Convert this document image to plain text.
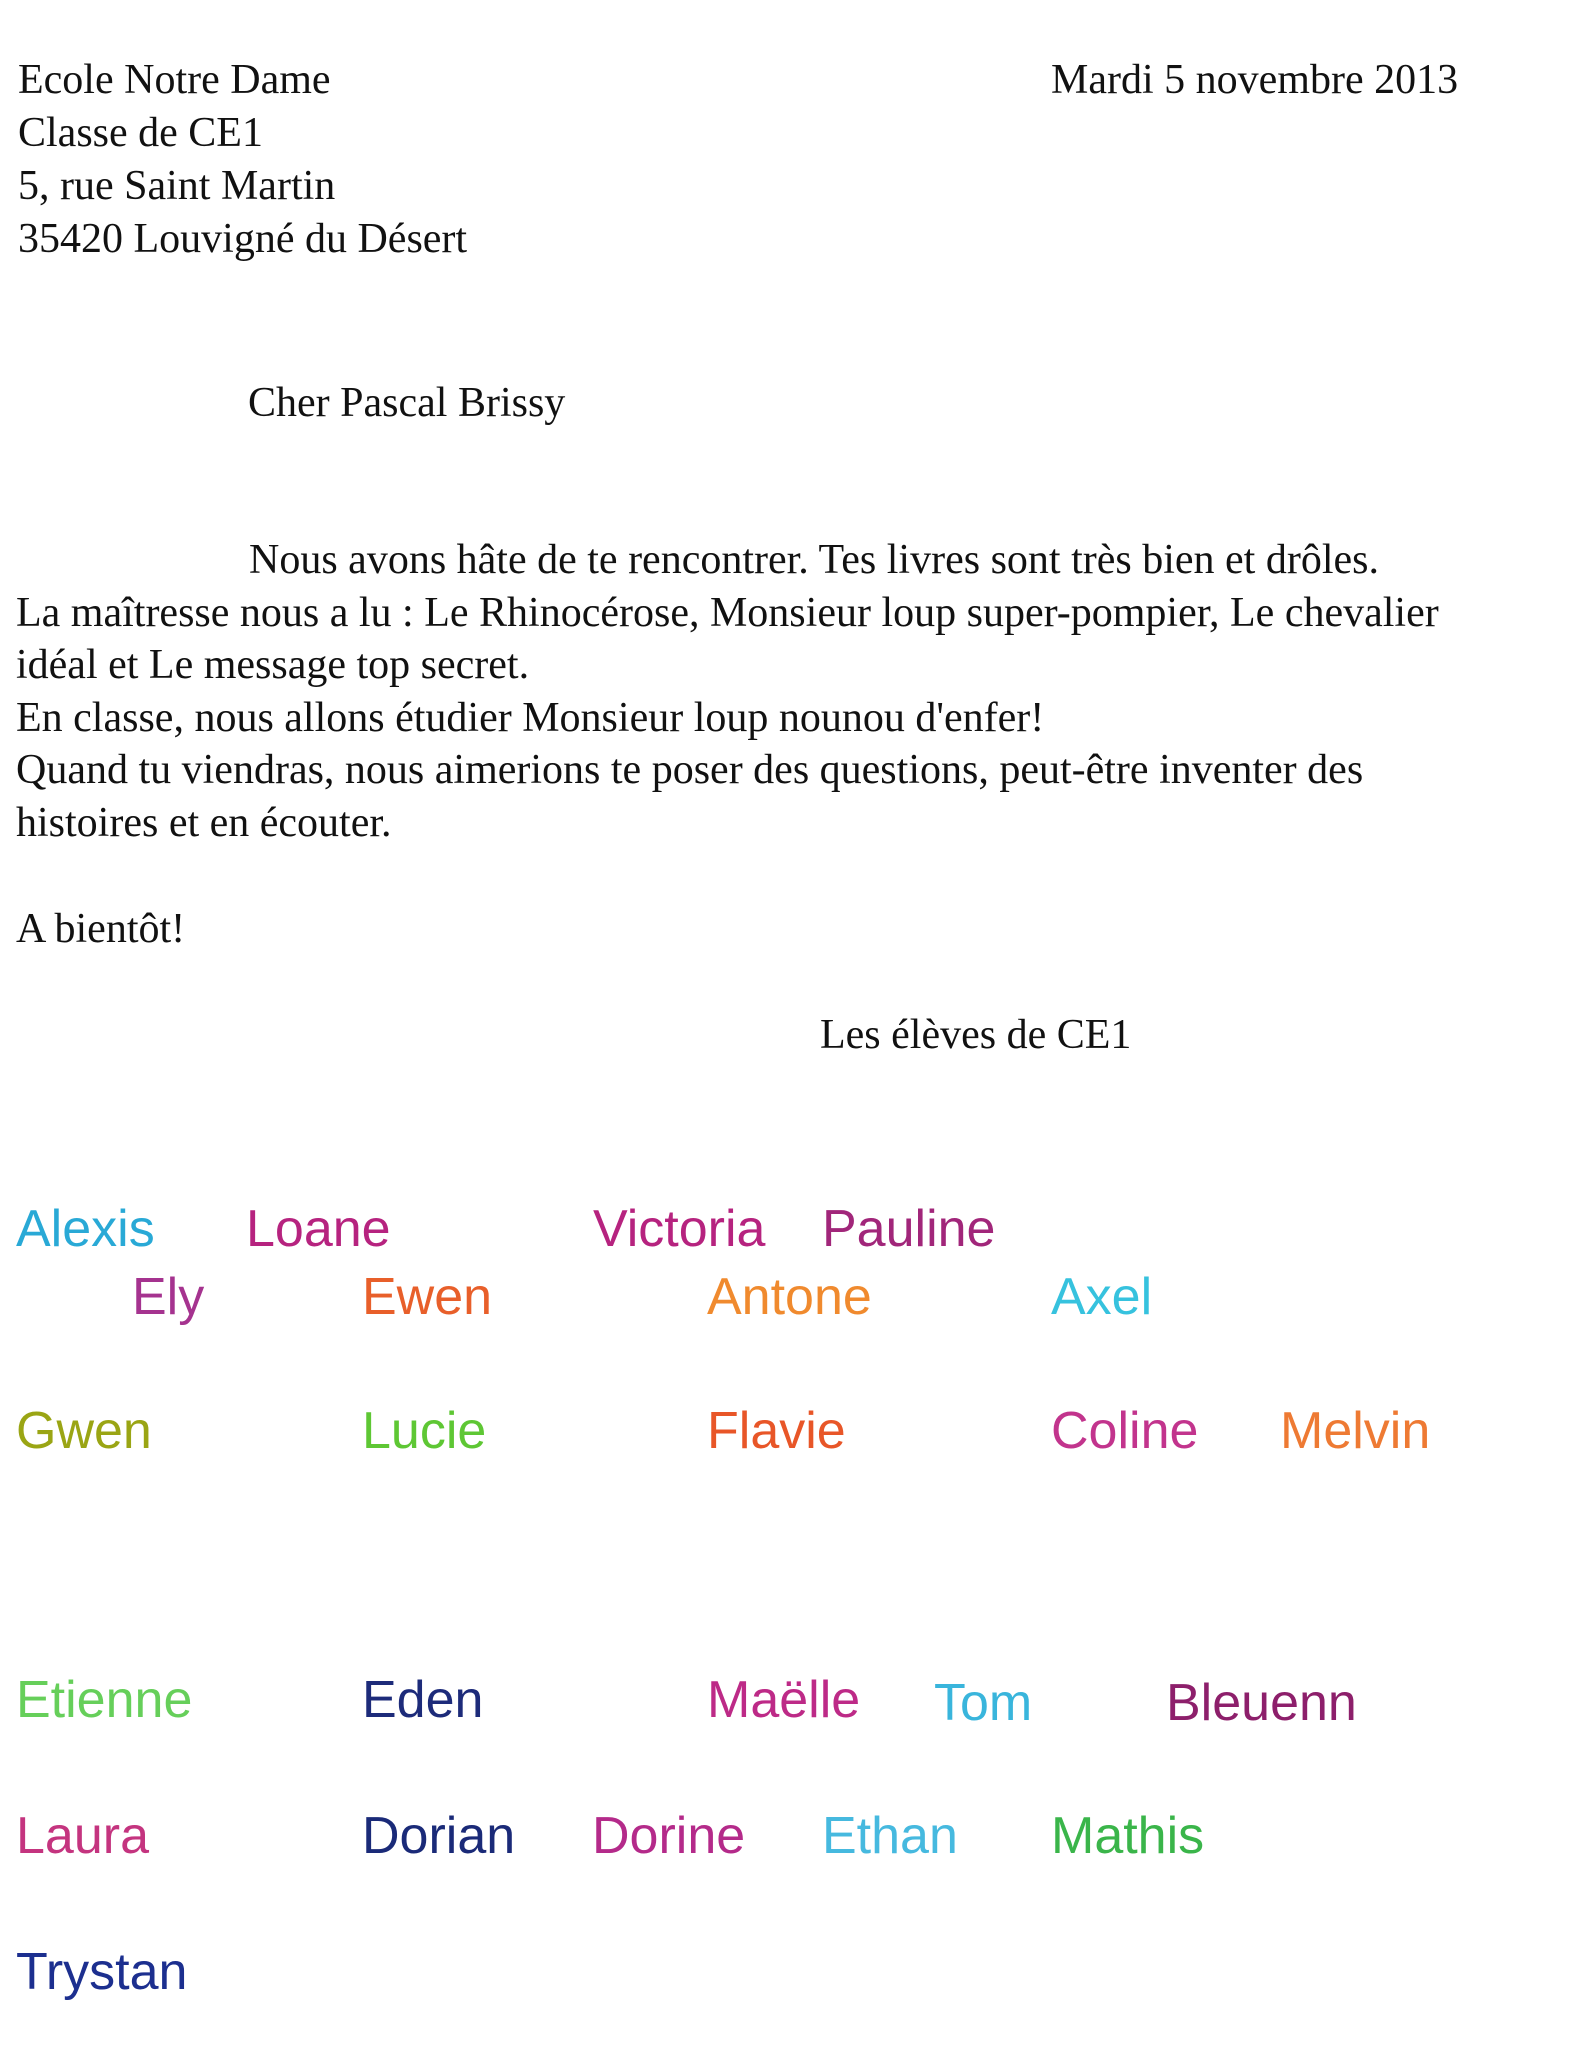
Ecole Notre Dame
Classe de CE1
5, rue Saint Martin
35420 Louvigné du Désert
Mardi 5 novembre 2013
Cher Pascal Brissy
Nous avons hâte de te rencontrer. Tes livres sont très bien et drôles.
La maîtresse nous a lu : Le Rhinocérose, Monsieur loup super-pompier, Le chevalier
idéal et Le message top secret.
En classe, nous allons étudier Monsieur loup nounou d'enfer!
Quand tu viendras, nous aimerions te poser des questions, peut-être inventer des
histoires et en écouter.
A bientôt!
Les élèves de CE1
Alexis Loane	Victoria Pauline
Ely	Ewen	Antone	Axel
Gwen	Lucie	Flavie	Coline Melvin
Etienne	Eden	Maëlle Tom	Bleuenn
Laura	Dorian Dorine Ethan Mathis
Trystan
